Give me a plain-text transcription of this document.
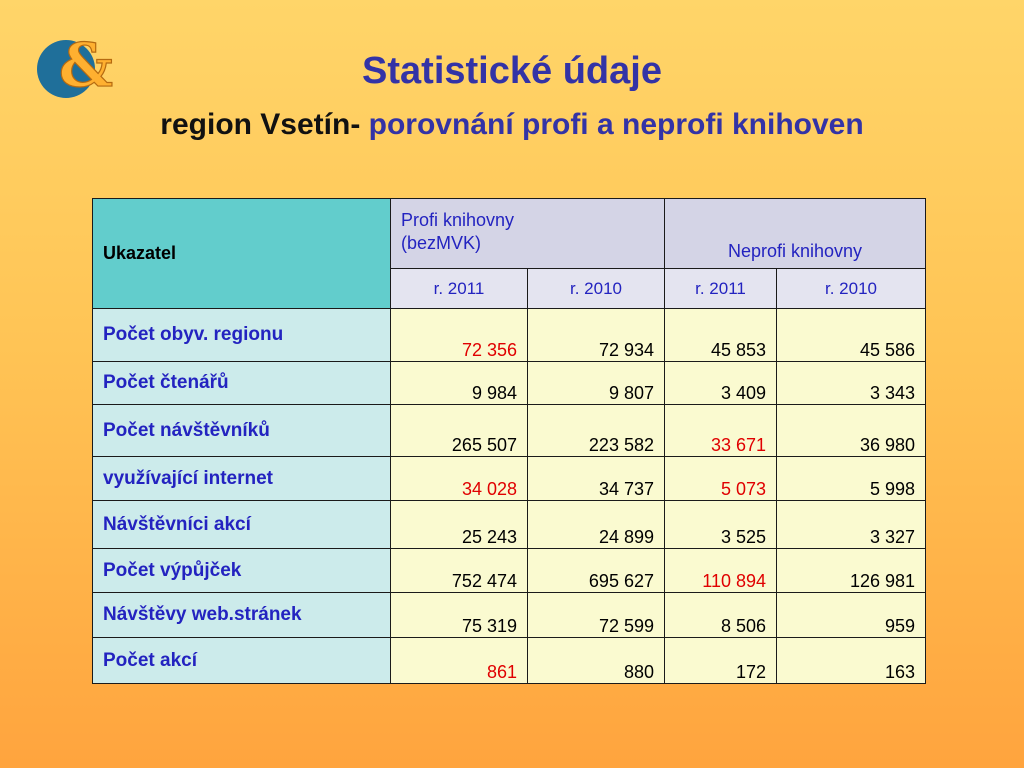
&	Statistické údaje
region Vsetín- porovnání profi a neprofi knihoven
Ukazatel	Profi knihovny
(bezMVK)		Neprofi knihovny	
	r. 2011	r. 2010	r. 2011	r. 2010
Počet obyv. regionu	72 356	72 934	45 853	45 586
Počet čtenářů	9 984	9 807	3 409	3 343
Počet návštěvníků	265 507	223 582	33 671	36 980
využívající internet	34 028	34 737	5 073	5 998
Návštěvníci akcí	25 243	24 899	3 525	3 327
Počet výpůjček	752 474	695 627	110 894	126 981
Návštěvy web.stránek	75 319	72 599	8 506	959
Počet akcí	861	880	172	163
